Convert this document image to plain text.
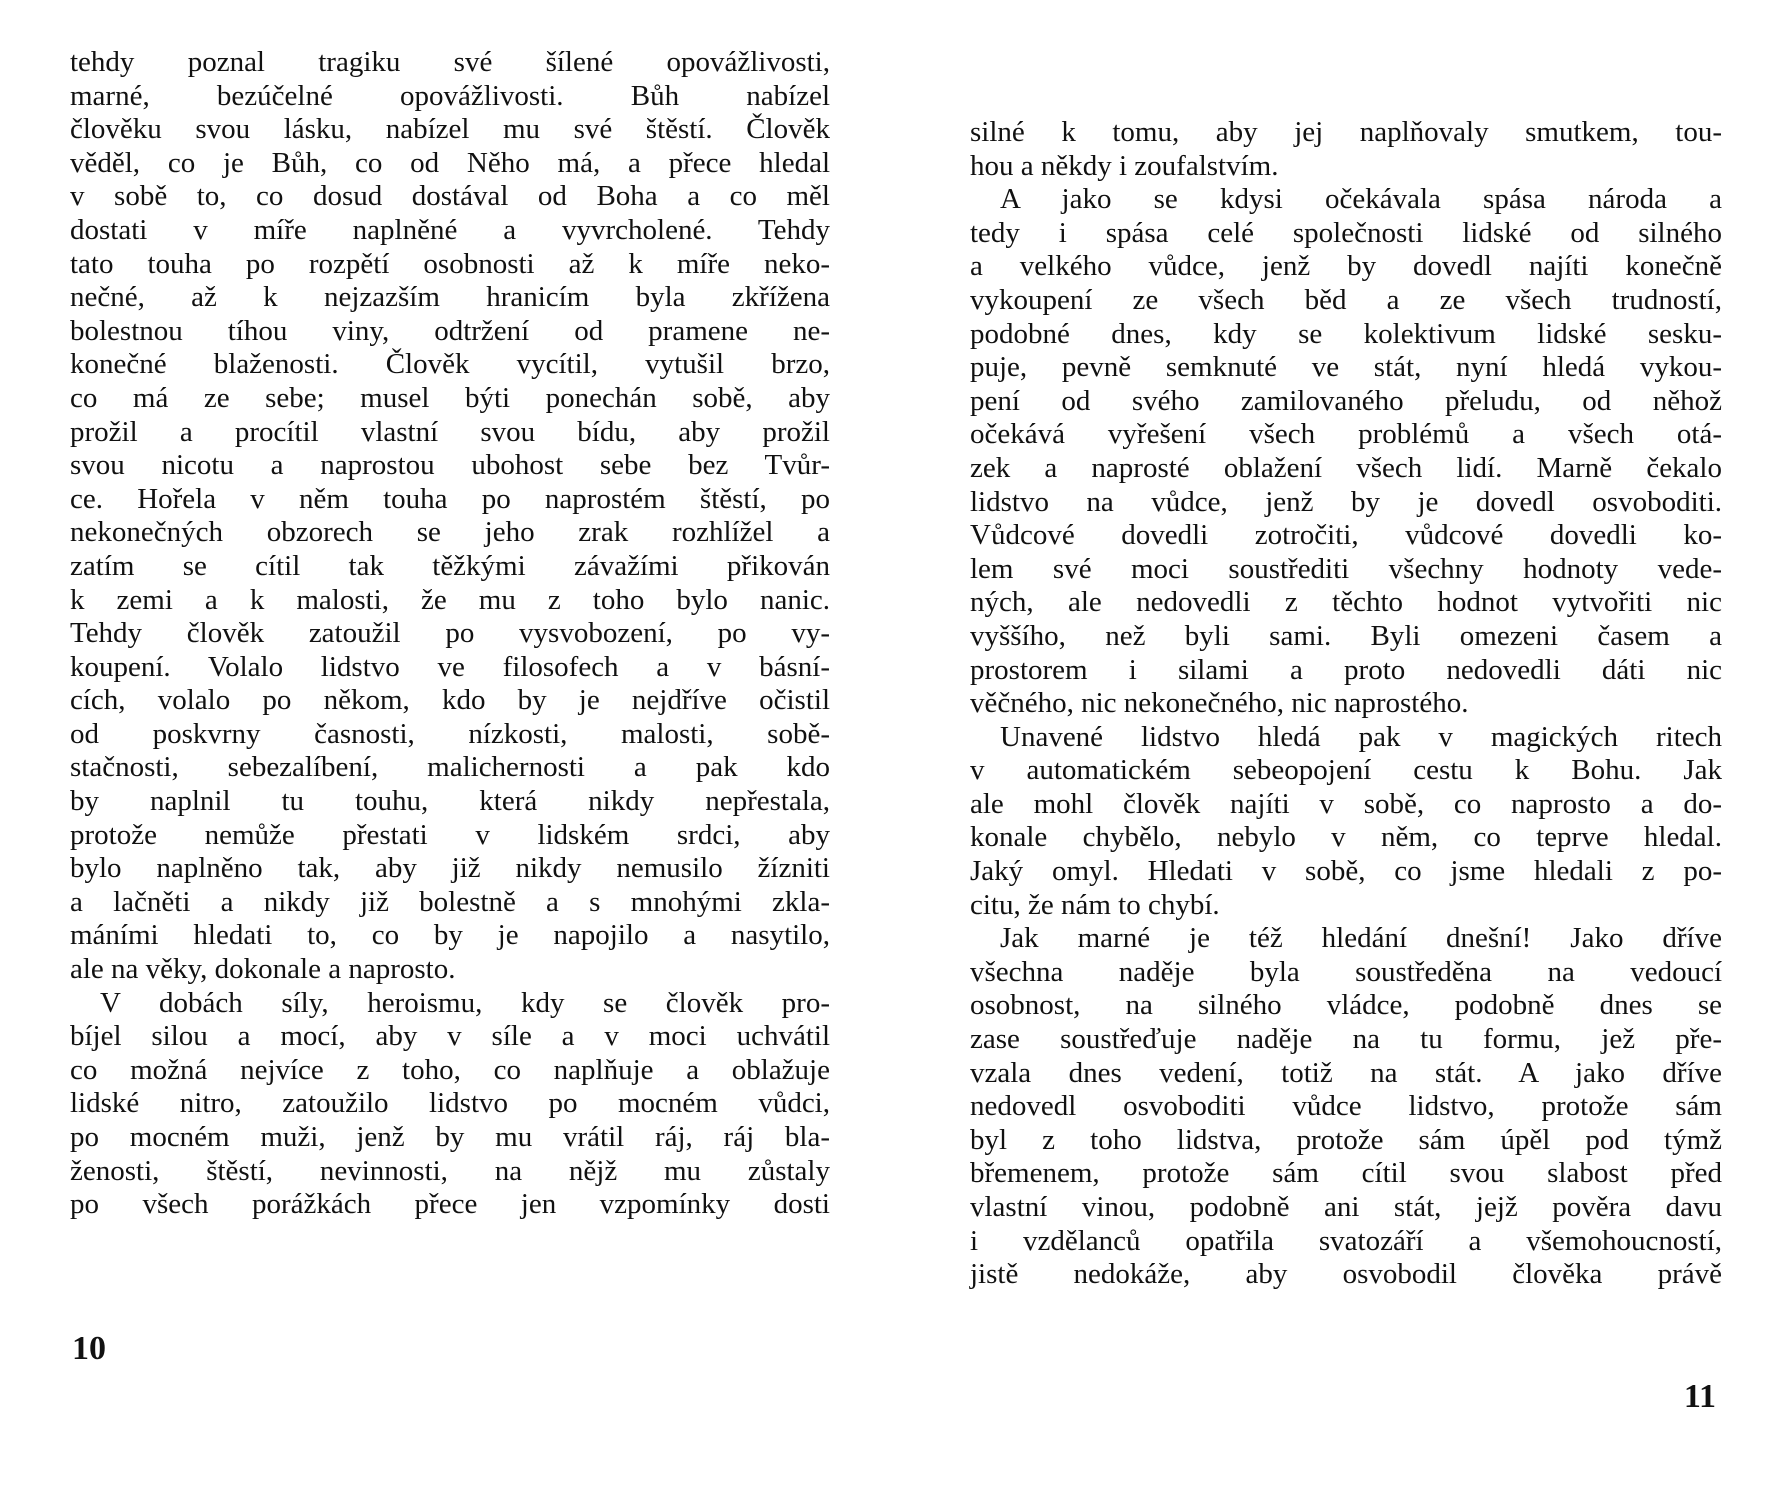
tehdy poznal tragiku své šílené opovážlivosti,
marné, bezúčelné opovážlivosti. Bůh nabízel
člověku svou lásku, nabízel mu své štěstí. Člověk
věděl, co je Bůh, co od Něho má, a přece hledal
v sobě to, co dosud dostával od Boha a co měl
dostati v míře naplněné a vyvrcholené. Tehdy
tato touha po rozpětí osobnosti až k míře neko-
nečné, až k nejzazším hranicím byla zkřížena
bolestnou tíhou viny, odtržení od pramene ne-
konečné blaženosti. Člověk vycítil, vytušil brzo,
co má ze sebe; musel býti ponechán sobě, aby
prožil a procítil vlastní svou bídu, aby prožil
svou nicotu a naprostou ubohost sebe bez Tvůr-
ce. Hořela v něm touha po naprostém štěstí, po
nekonečných obzorech se jeho zrak rozhlížel a
zatím se cítil tak těžkými závažími přikován
k zemi a k malosti, že mu z toho bylo nanic.
Tehdy člověk zatoužil po vysvobození, po vy-
koupení. Volalo lidstvo ve filosofech a v básní-
cích, volalo po někom, kdo by je nejdříve očistil
od poskvrny časnosti, nízkosti, malosti, sobě-
stačnosti, sebezalíbení, malichernosti a pak kdo
by naplnil tu touhu, která nikdy nepřestala,
protože nemůže přestati v lidském srdci, aby
bylo naplněno tak, aby již nikdy nemusilo žízniti
a lačněti a nikdy již bolestně a s mnohými zkla-
máními hledati to, co by je napojilo a nasytilo,
ale na věky, dokonale a naprosto.
V dobách síly, heroismu, kdy se člověk pro-
bíjel silou a mocí, aby v síle a v moci uchvátil
co možná nejvíce z toho, co naplňuje a oblažuje
lidské nitro, zatoužilo lidstvo po mocném vůdci,
po mocném muži, jenž by mu vrátil ráj, ráj bla-
ženosti, štěstí, nevinnosti, na nějž mu zůstaly
po všech porážkách přece jen vzpomínky dosti
10
silné k tomu, aby jej naplňovaly smutkem, tou-
hou a někdy i zoufalstvím.
A jako se kdysi očekávala spása národa a
tedy i spása celé společnosti lidské od silného
a velkého vůdce, jenž by dovedl najíti konečně
vykoupení ze všech běd a ze všech trudností,
podobné dnes, kdy se kolektivum lidské sesku-
puje, pevně semknuté ve stát, nyní hledá vykou-
pení od svého zamilovaného přeludu, od něhož
očekává vyřešení všech problémů a všech otá-
zek a naprosté oblažení všech lidí. Marně čekalo
lidstvo na vůdce, jenž by je dovedl osvoboditi.
Vůdcové dovedli zotročiti, vůdcové dovedli ko-
lem své moci soustřediti všechny hodnoty vede-
ných, ale nedovedli z těchto hodnot vytvořiti nic
vyššího, než byli sami. Byli omezeni časem a
prostorem i silami a proto nedovedli dáti nic
věčného, nic nekonečného, nic naprostého.
Unavené lidstvo hledá pak v magických ritech
v automatickém sebeopojení cestu k Bohu. Jak
ale mohl člověk najíti v sobě, co naprosto a do-
konale chybělo, nebylo v něm, co teprve hledal.
Jaký omyl. Hledati v sobě, co jsme hledali z po-
citu, že nám to chybí.
Jak marné je též hledání dnešní! Jako dříve
všechna naděje byla soustředěna na vedoucí
osobnost, na silného vládce, podobně dnes se
zase soustřeďuje naděje na tu formu, jež pře-
vzala dnes vedení, totiž na stát. A jako dříve
nedovedl osvoboditi vůdce lidstvo, protože sám
byl z toho lidstva, protože sám úpěl pod týmž
břemenem, protože sám cítil svou slabost před
vlastní vinou, podobně ani stát, jejž pověra davu
i vzdělanců opatřila svatozáří a všemohoucností,
jistě nedokáže, aby osvobodil člověka právě
11
